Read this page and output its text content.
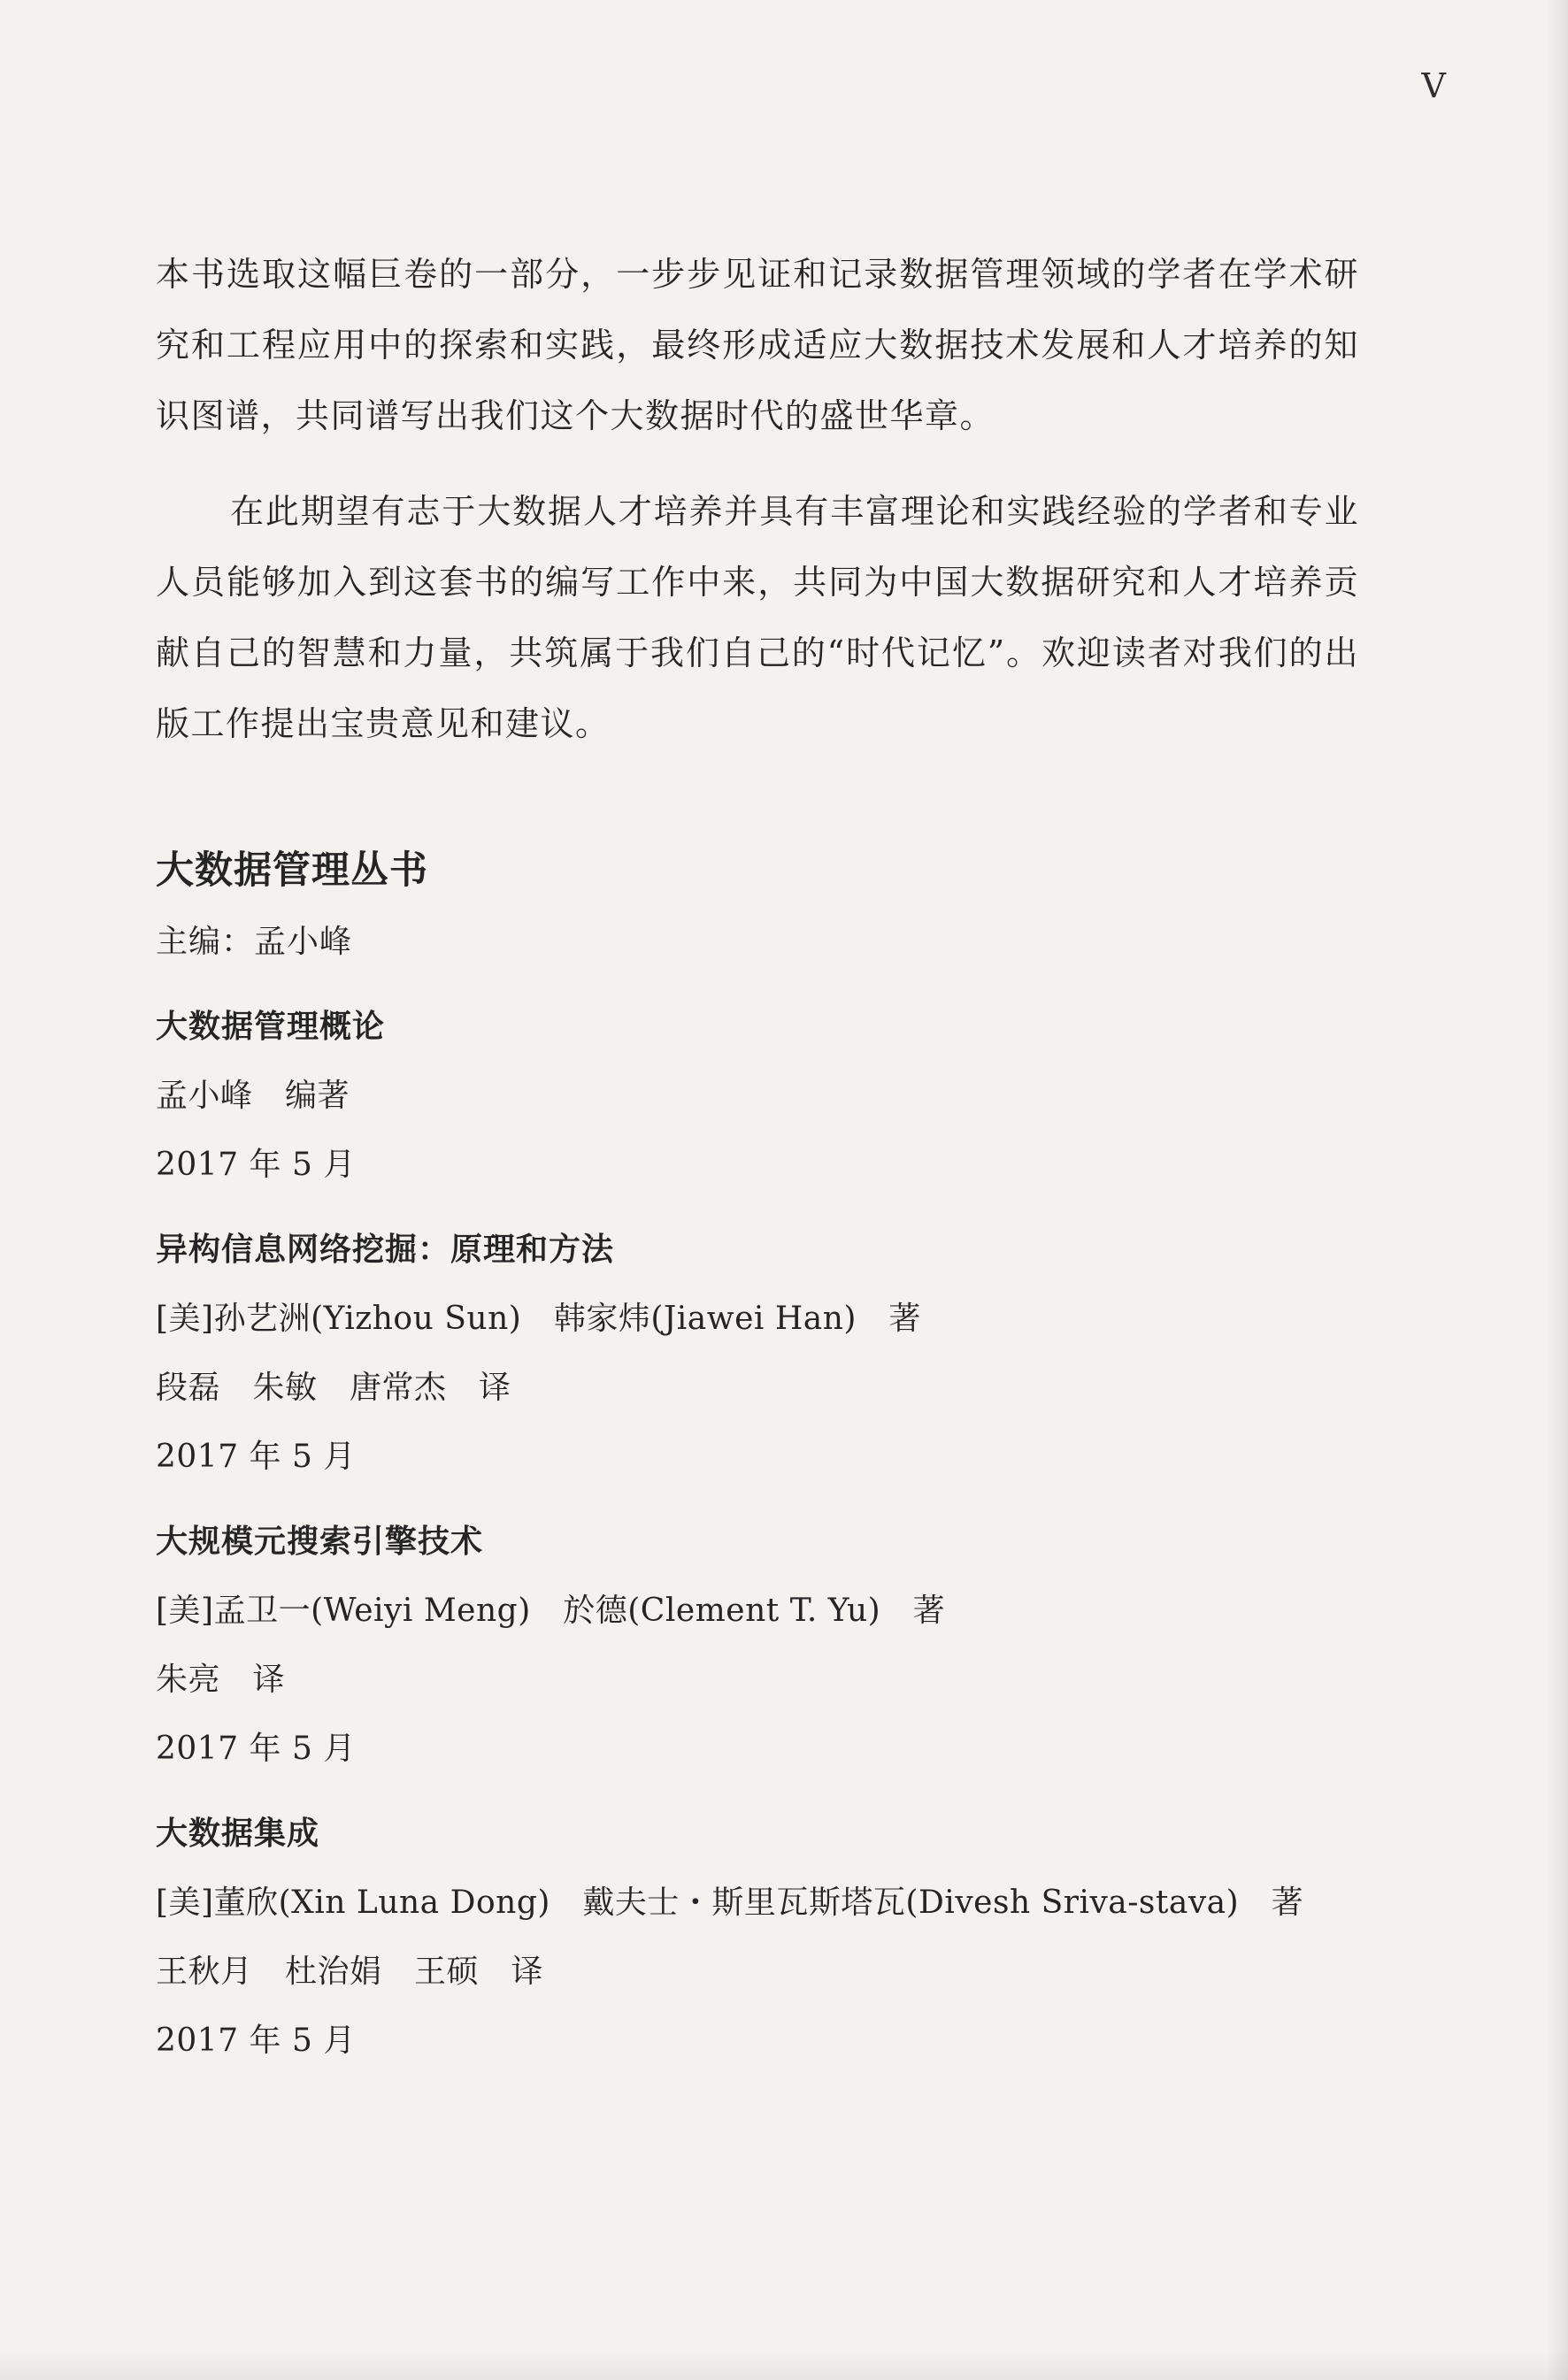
V

本书选取这幅巨卷的一部分，一步步见证和记录数据管理领域的学者在学术研究和工程应用中的探索和实践，最终形成适应大数据技术发展和人才培养的知识图谱，共同谱写出我们这个大数据时代的盛世华章。

在此期望有志于大数据人才培养并具有丰富理论和实践经验的学者和专业人员能够加入到这套书的编写工作中来，共同为中国大数据研究和人才培养贡献自己的智慧和力量，共筑属于我们自己的“时代记忆”。欢迎读者对我们的出版工作提出宝贵意见和建议。

大数据管理丛书

主编：孟小峰

大数据管理概论

孟小峰　编著

2017 年 5 月

异构信息网络挖掘：原理和方法

[美]孙艺洲(Yizhou Sun)　韩家炜(Jiawei Han)　著

段磊　朱敏　唐常杰　译

2017 年 5 月

大规模元搜索引擎技术

[美]孟卫一(Weiyi Meng)　於德(Clement T. Yu)　著

朱亮　译

2017 年 5 月

大数据集成

[美]董欣(Xin Luna Dong)　戴夫士・斯里瓦斯塔瓦(Divesh Sriva-stava)　著

王秋月　杜治娟　王硕　译

2017 年 5 月
